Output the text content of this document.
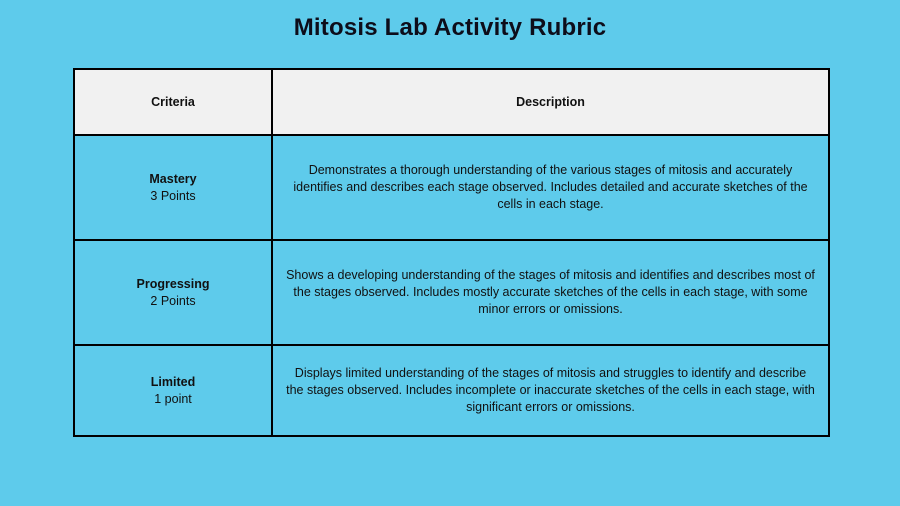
Mitosis Lab Activity Rubric
Criteria	Description

Mastery
3 Points	Demonstrates a thorough understanding of the various stages of mitosis and accurately identifies and describes each stage observed. Includes detailed and accurate sketches of the cells in each stage.

Progressing
2 Points	Shows a developing understanding of the stages of mitosis and identifies and describes most of the stages observed. Includes mostly accurate sketches of the cells in each stage, with some minor errors or omissions.

Limited
1 point	Displays limited understanding of the stages of mitosis and struggles to identify and describe the stages observed. Includes incomplete or inaccurate sketches of the cells in each stage, with significant errors or omissions.
